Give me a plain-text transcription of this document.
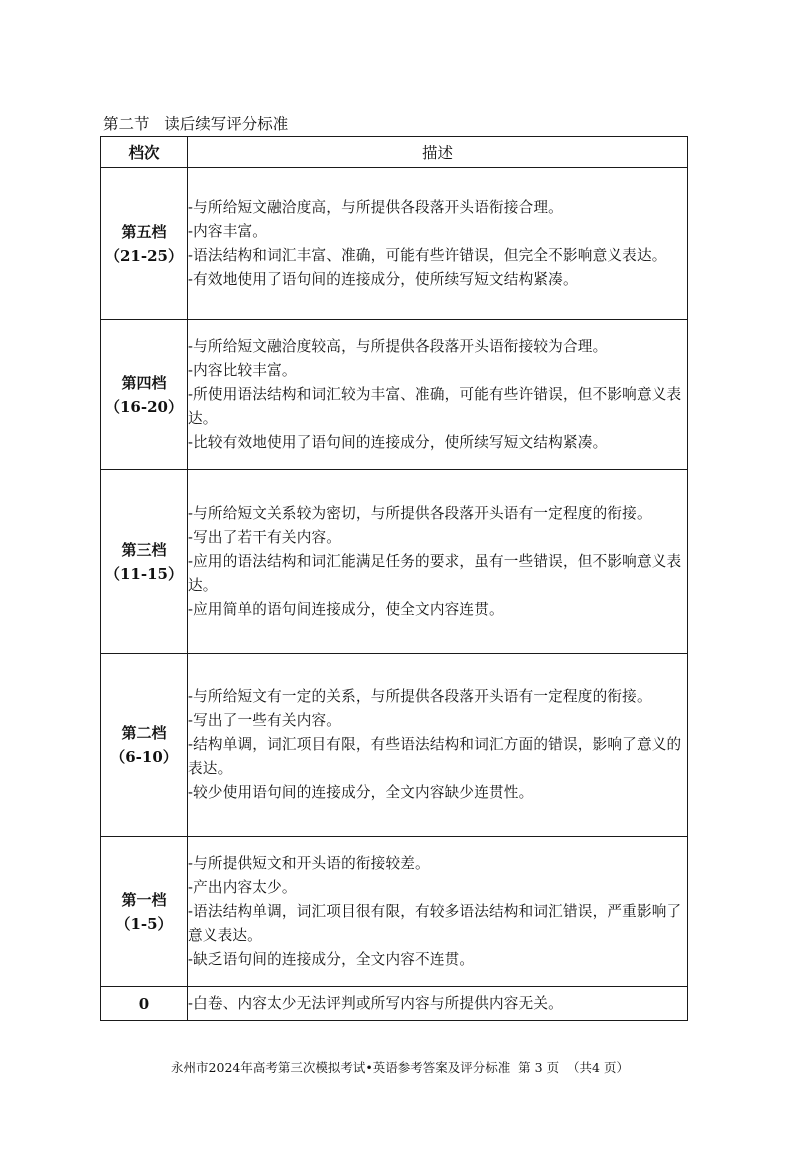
第二节   读后续写评分标准
档次	描述

第五档
（21-25）	-与所给短文融洽度高，与所提供各段落开头语衔接合理。
-内容丰富。
-语法结构和词汇丰富、准确，可能有些许错误，但完全不影响意义表达。
-有效地使用了语句间的连接成分，使所续写短文结构紧凑。

第四档
（16-20）	-与所给短文融洽度较高，与所提供各段落开头语衔接较为合理。
-内容比较丰富。
-所使用语法结构和词汇较为丰富、准确，可能有些许错误，但不影响意义表达。
-比较有效地使用了语句间的连接成分，使所续写短文结构紧凑。

第三档
（11-15）	-与所给短文关系较为密切，与所提供各段落开头语有一定程度的衔接。
-写出了若干有关内容。
-应用的语法结构和词汇能满足任务的要求，虽有一些错误，但不影响意义表达。
-应用简单的语句间连接成分，使全文内容连贯。

第二档
（6-10）	-与所给短文有一定的关系，与所提供各段落开头语有一定程度的衔接。
-写出了一些有关内容。
-结构单调，词汇项目有限，有些语法结构和词汇方面的错误，影响了意义的表达。
-较少使用语句间的连接成分，全文内容缺少连贯性。

第一档
（1-5）	-与所提供短文和开头语的衔接较差。
-产出内容太少。
-语法结构单调，词汇项目很有限，有较多语法结构和词汇错误，严重影响了意义表达。
-缺乏语句间的连接成分，全文内容不连贯。

0	-白卷、内容太少无法评判或所写内容与所提供内容无关。
永州市2024年高考第三次模拟考试•英语参考答案及评分标准  第 3 页  （共4 页）
